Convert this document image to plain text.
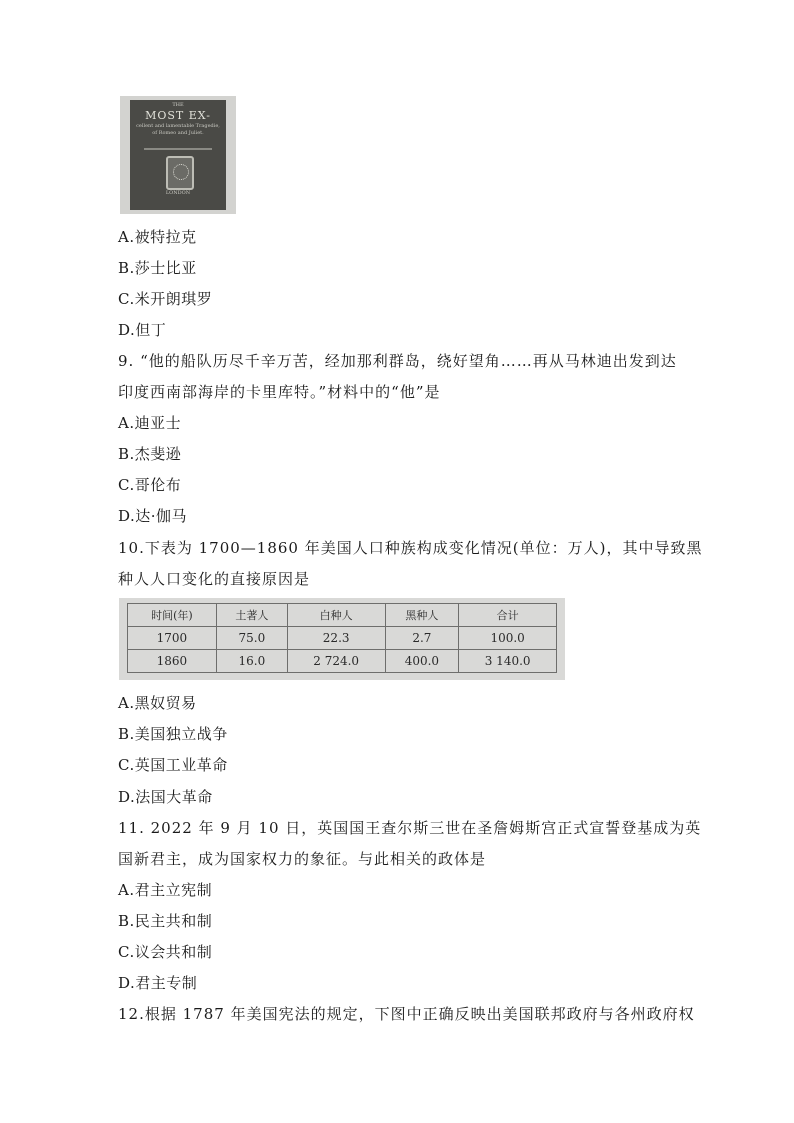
THE
MOST EX-
cellent and lamentable Tragedie, of Romeo and Juliet.
LONDON
A.被特拉克
B.莎士比亚
C.米开朗琪罗
D.但丁
9. “他的船队历尽千辛万苦，经加那利群岛，绕好望角……再从马林迪出发到达
印度西南部海岸的卡里库特。”材料中的“他”是
A.迪亚士
B.杰斐逊
C.哥伦布
D.达·伽马
10.下表为 1700—1860 年美国人口种族构成变化情况(单位：万人)，其中导致黑
种人人口变化的直接原因是
时间(年)	土著人	白种人	黑种人	合计
1700	75.0	22.3	2.7	100.0
1860	16.0	2 724.0	400.0	3 140.0
A.黑奴贸易
B.美国独立战争
C.英国工业革命
D.法国大革命
11. 2022 年 9 月 10 日，英国国王查尔斯三世在圣詹姆斯宫正式宣誓登基成为英
国新君主，成为国家权力的象征。与此相关的政体是
A.君主立宪制
B.民主共和制
C.议会共和制
D.君主专制
12.根据 1787 年美国宪法的规定，下图中正确反映出美国联邦政府与各州政府权
